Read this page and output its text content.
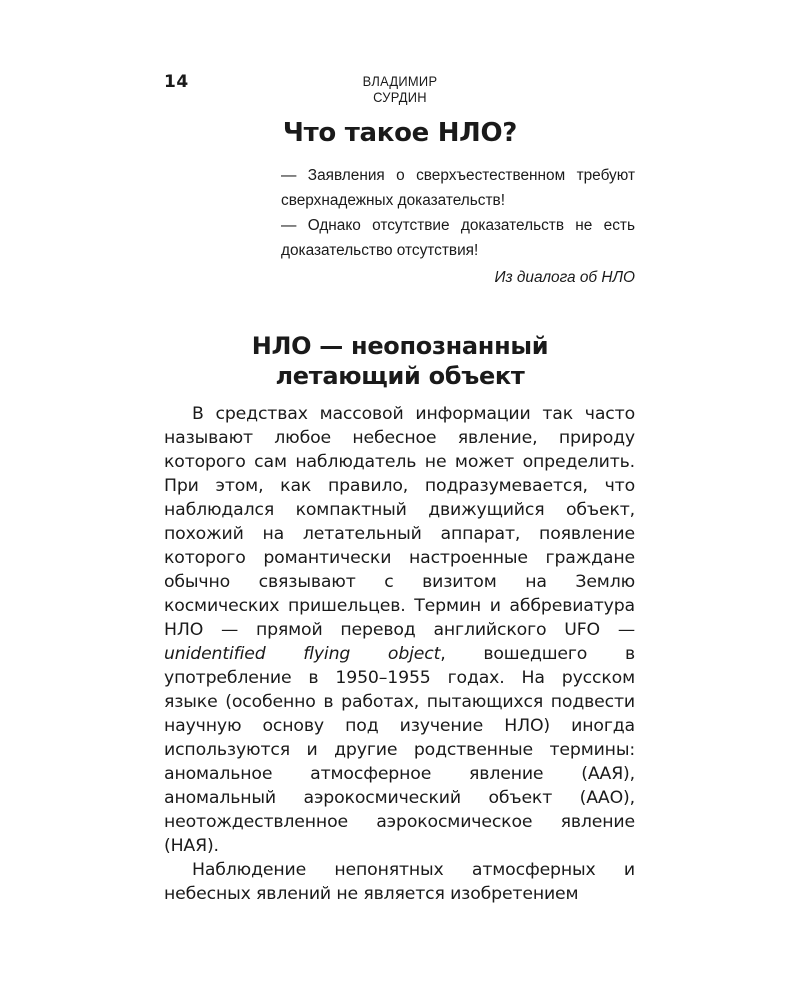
14	ВЛАДИМИР СУРДИН
Что такое НЛО?

— Заявления о сверхъестественном требуют сверхнадежных доказательств!

— Однако отсутствие доказательств не есть доказательство отсутствия!

Из диалога об НЛО

НЛО — неопознанный
летающий объект

В средствах массовой информации так часто называют любое небесное явление, природу которого сам наблюдатель не может определить. При этом, как правило, подразумевается, что наблюдался компактный движущийся объект, похожий на летательный аппарат, появление которого романтически настроенные граждане обычно связывают с визитом на Землю космических пришельцев. Термин и аббревиатура НЛО — прямой перевод английского UFO — unidentified flying object, вошедшего в употребление в 1950–1955 годах. На русском языке (особенно в работах, пытающихся подвести научную основу под изучение НЛО) иногда используются и другие родственные термины: аномальное атмосферное явление (ААЯ), аномальный аэрокосмический объект (ААО), неотождествленное аэрокосмическое явление (НАЯ).

Наблюдение непонятных атмосферных и небесных явлений не является изобретением
